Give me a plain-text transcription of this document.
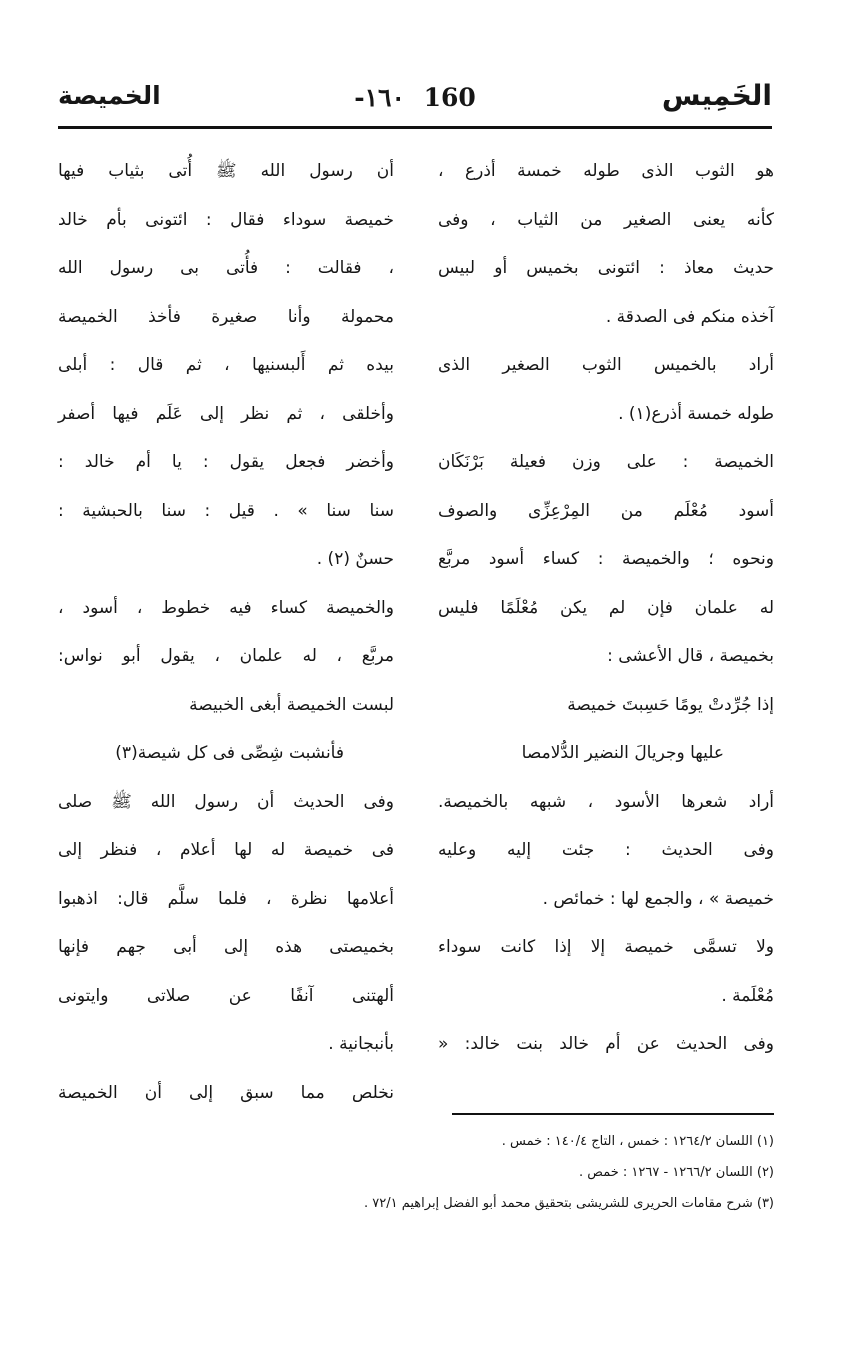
الخَمِيس
-١٦٠ 160
الخميصة
هو الثوب الذى طوله خمسة أذرع ،
كأنه يعنى الصغير من الثياب ، وفى
حديث معاذ : ائتونى بخميس أو لبيس
آخذه منكم فى الصدقة .
أراد بالخميس الثوب الصغير الذى
طوله خمسة أذرع(١) .
الخميصة : على وزن فعيلة بَرْنَكَان
أسود مُعْلَم من المِرْعِزِّى والصوف
ونحوه ؛ والخميصة : كساء أسود مربَّع
له علمان فإن لم يكن مُعْلَمًا فليس
بخميصة ، قال الأعشى :
إذا جُرِّدتْ يومًا حَسِبتَ خميصة
عليها وجريالَ النضير الدُّلامصا
أراد شعرها الأسود ، شبهه بالخميصة.
وفى الحديث : جئت إليه وعليه
خميصة » ، والجمع لها : خمائص .
ولا تسمَّى خميصة إلا إذا كانت سوداء
مُعْلَمة .
وفى الحديث عن أم خالد بنت خالد: «
أن رسول الله ﷺ أُتى بثياب فيها
خميصة سوداء فقال : ائتونى بأم خالد
، فقالت : فأُتى بى رسول الله
محمولة وأنا صغيرة فأخذ الخميصة
بيده ثم أَلبسنيها ، ثم قال : أبلى
وأخلقى ، ثم نظر إلى عَلَم فيها أصفر
وأخضر فجعل يقول : يا أم خالد :
سنا سنا » . قيل : سنا بالحبشية :
حسنٌ (٢) .
والخميصة كساء فيه خطوط ، أسود ،
مربَّع ، له علمان ، يقول أبو نواس:
لبست الخميصة أبغى الخبيصة
فأنشبت شِصِّى فى كل شيصة(٣)
وفى الحديث أن رسول الله ﷺ صلى
فى خميصة له لها أعلام ، فنظر إلى
أعلامها نظرة ، فلما سلَّم قال: اذهبوا
بخميصتى هذه إلى أبى جهم فإنها
ألهتنى آنفًا عن صلاتى وايتونى
بأنبجانية .
نخلص مما سبق إلى أن الخميصة
(١) اللسان ١٢٦٤/٢ : خمس ، التاج ١٤٠/٤ : خمس .
(٢) اللسان ١٢٦٦/٢ - ١٢٦٧ : خمص .
(٣) شرح مقامات الحريرى للشريشى بتحقيق محمد أبو الفضل إبراهيم ٧٢/١ .
